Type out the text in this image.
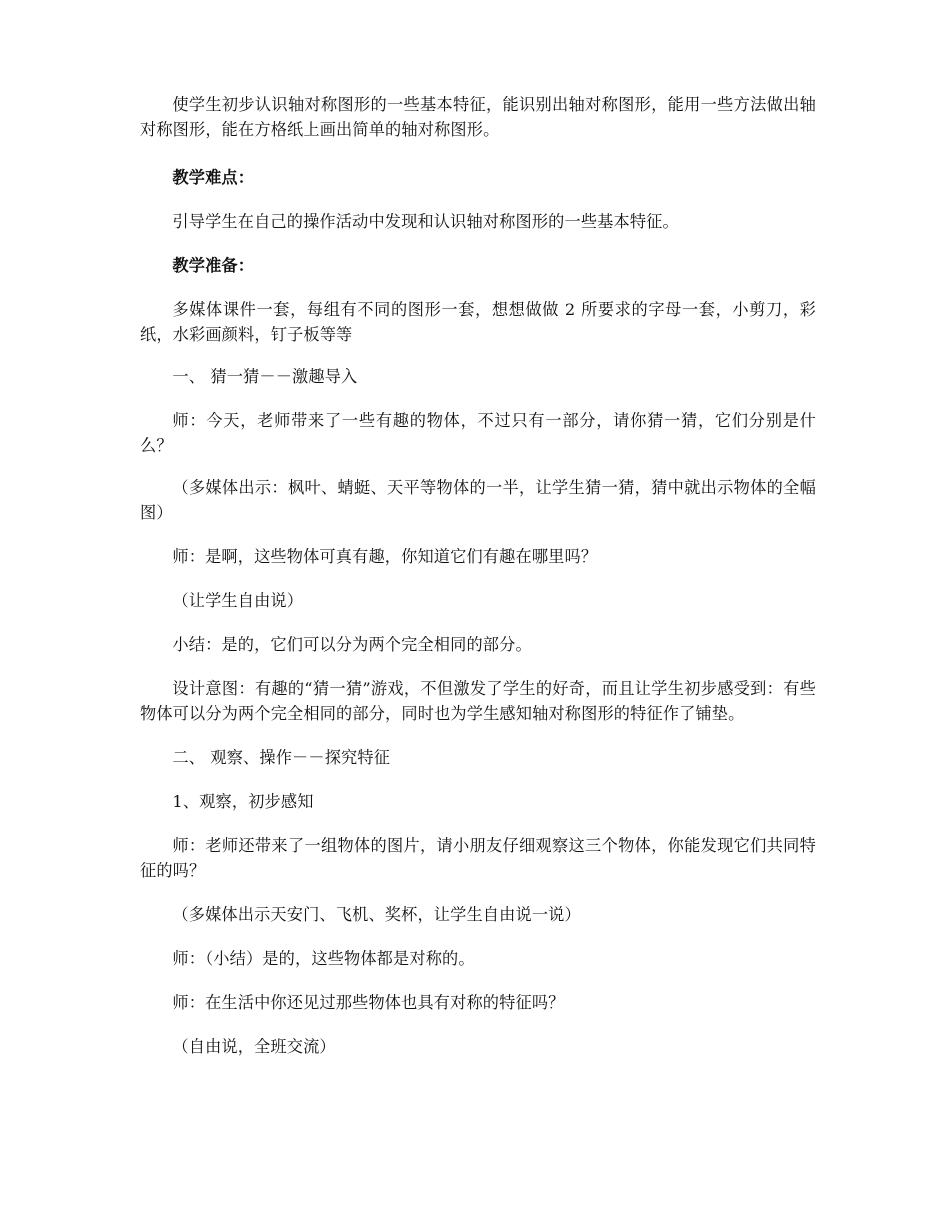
使学生初步认识轴对称图形的一些基本特征，能识别出轴对称图形，能用一些方法做出轴对称图形，能在方格纸上画出简单的轴对称图形。

教学难点：

引导学生在自己的操作活动中发现和认识轴对称图形的一些基本特征。

教学准备：

多媒体课件一套，每组有不同的图形一套，想想做做 2 所要求的字母一套，小剪刀，彩纸，水彩画颜料，钉子板等等

一、 猜一猜－－激趣导入

师：今天，老师带来了一些有趣的物体，不过只有一部分，请你猜一猜，它们分别是什么？

（多媒体出示：枫叶、蜻蜓、天平等物体的一半，让学生猜一猜，猜中就出示物体的全幅图）

师：是啊，这些物体可真有趣，你知道它们有趣在哪里吗？

（让学生自由说）

小结：是的，它们可以分为两个完全相同的部分。

设计意图：有趣的“猜一猜”游戏，不但激发了学生的好奇，而且让学生初步感受到：有些物体可以分为两个完全相同的部分，同时也为学生感知轴对称图形的特征作了铺垫。

二、 观察、操作－－探究特征

1、观察，初步感知

师：老师还带来了一组物体的图片，请小朋友仔细观察这三个物体，你能发现它们共同特征的吗？

（多媒体出示天安门、飞机、奖杯，让学生自由说一说）

师：（小结）是的，这些物体都是对称的。

师：在生活中你还见过那些物体也具有对称的特征吗？

（自由说，全班交流）
